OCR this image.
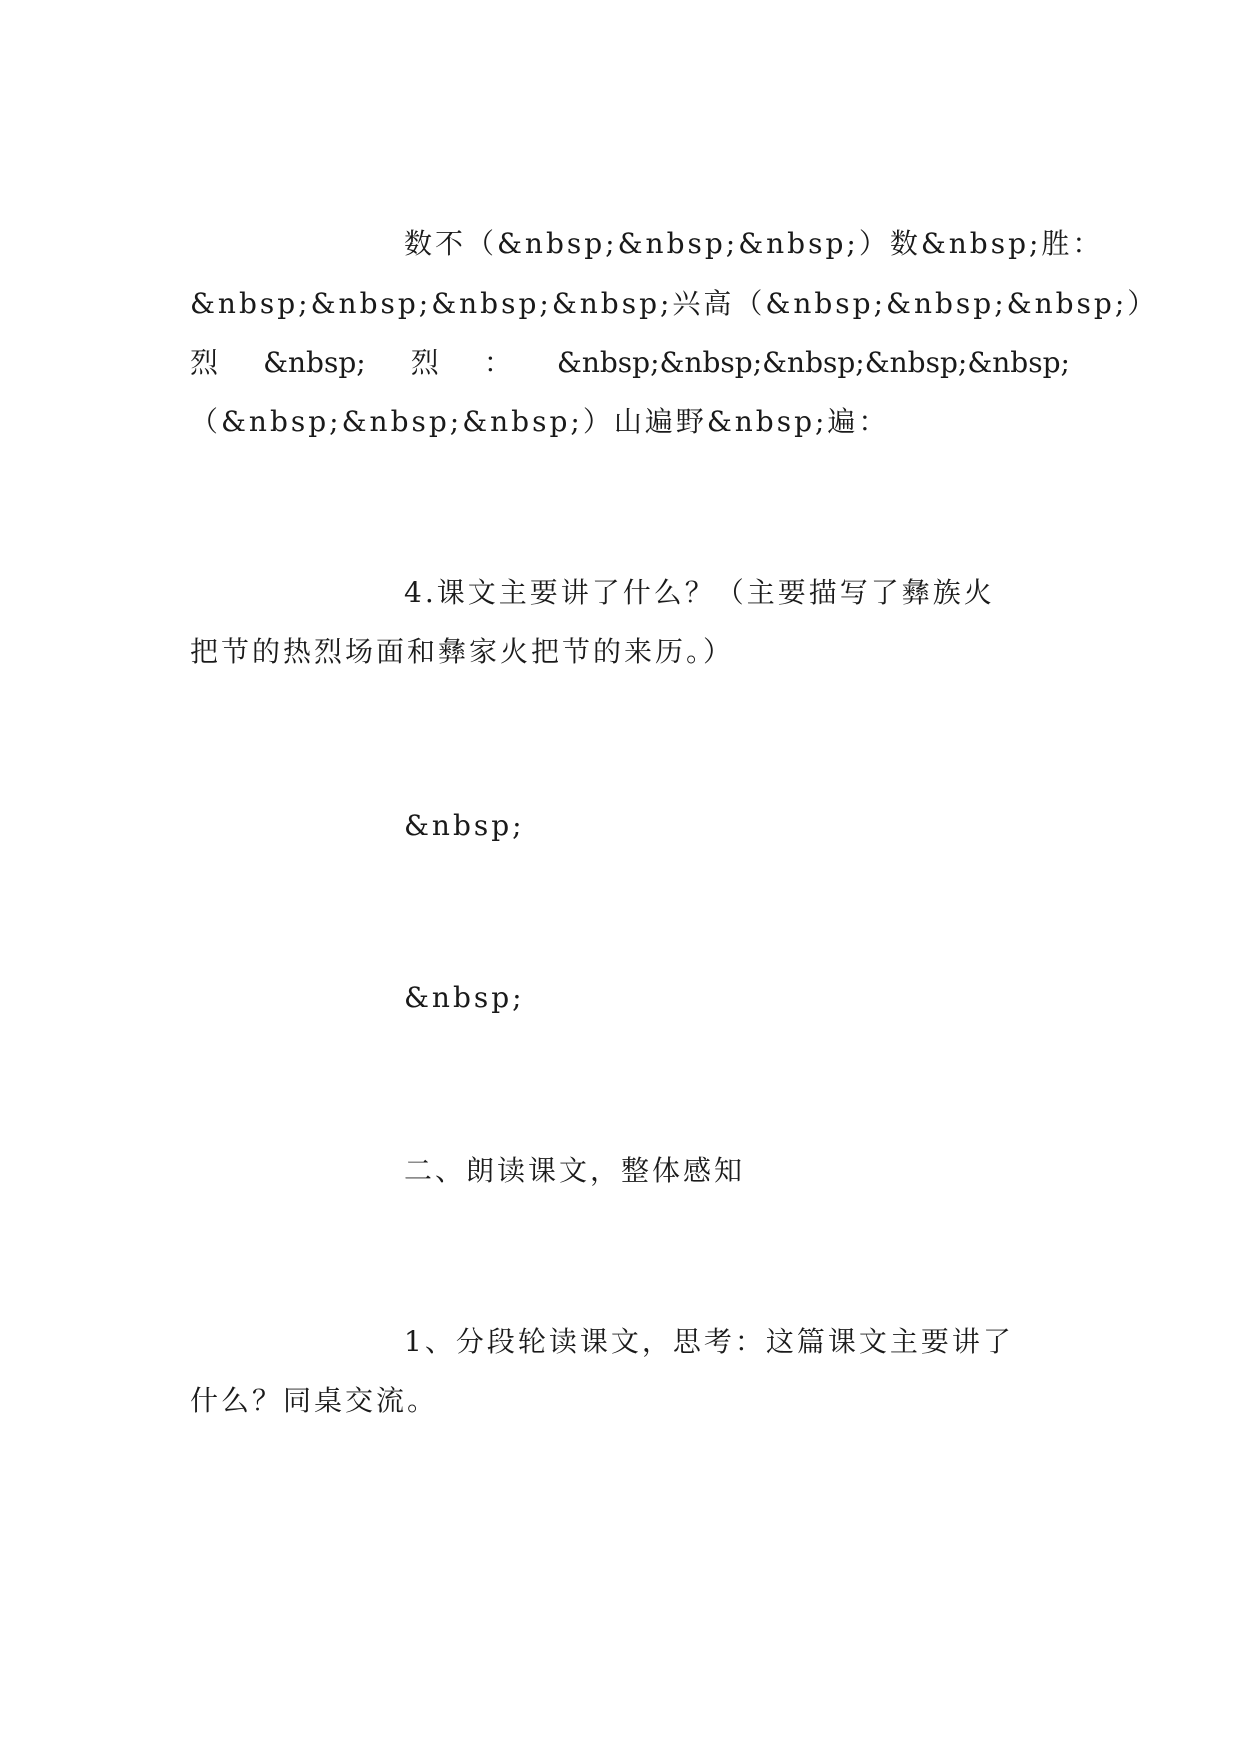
数不（&nbsp;&nbsp;&nbsp;）数&nbsp;胜：
&nbsp;&nbsp;&nbsp;&nbsp;兴高（&nbsp;&nbsp;&nbsp;）
烈 &nbsp; 烈 ： &nbsp;&nbsp;&nbsp;&nbsp;&nbsp;
（&nbsp;&nbsp;&nbsp;）山遍野&nbsp;遍：
4.课文主要讲了什么？（主要描写了彝族火
把节的热烈场面和彝家火把节的来历。）
&nbsp;
&nbsp;
二、朗读课文，整体感知
1、分段轮读课文，思考：这篇课文主要讲了
什么？同桌交流。
